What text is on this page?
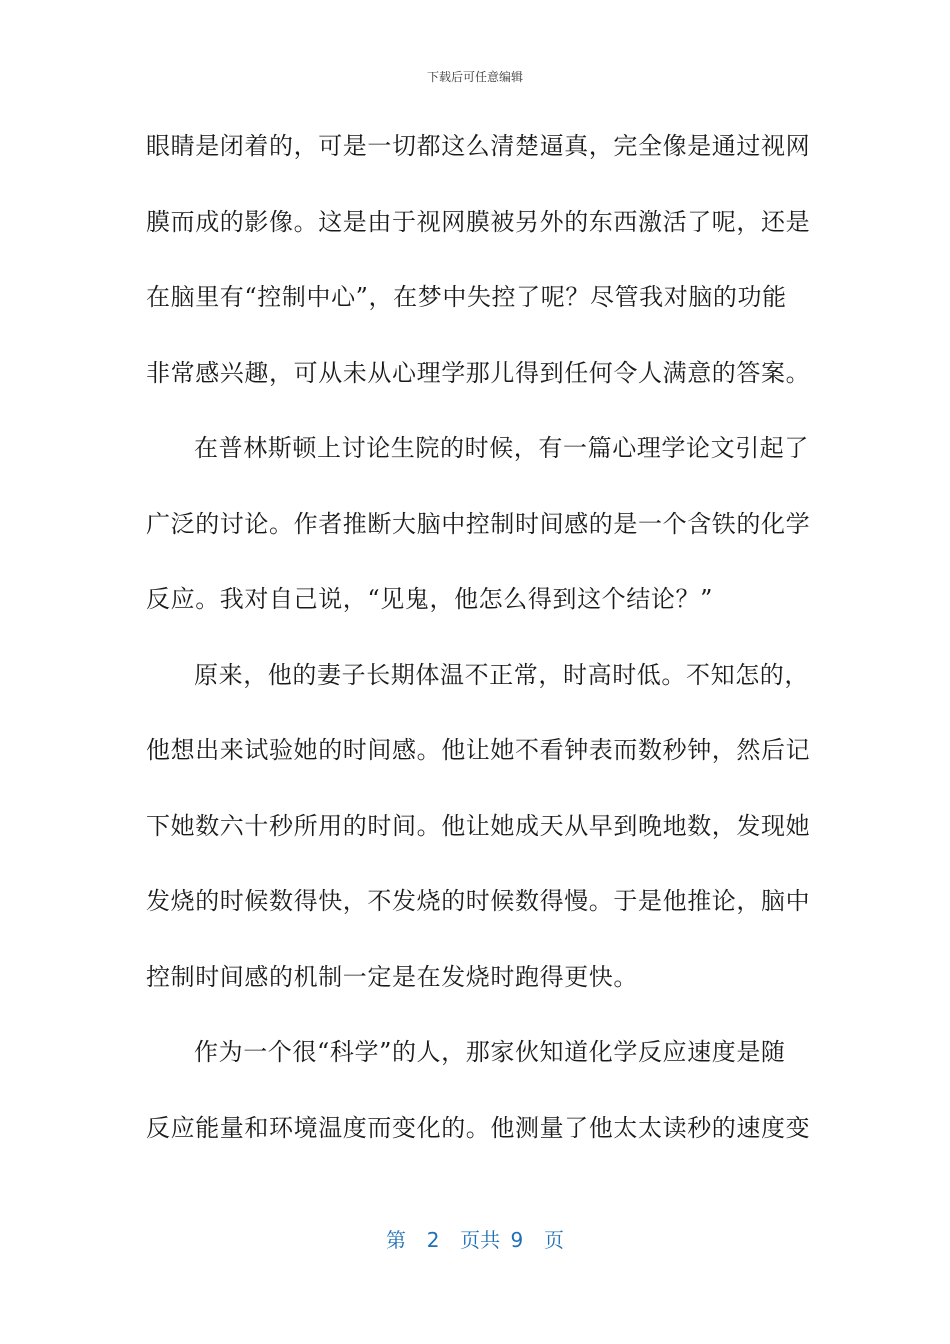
下载后可任意编辑
眼睛是闭着的，可是一切都这么清楚逼真，完全像是通过视网
膜而成的影像。这是由于视网膜被另外的东西激活了呢，还是
在脑里有“控制中心”，在梦中失控了呢？尽管我对脑的功能
非常感兴趣，可从未从心理学那儿得到任何令人满意的答案。
在普林斯顿上讨论生院的时候，有一篇心理学论文引起了
广泛的讨论。作者推断大脑中控制时间感的是一个含铁的化学
反应。我对自己说，“见鬼，他怎么得到这个结论？”
原来，他的妻子长期体温不正常，时高时低。不知怎的，
他想出来试验她的时间感。他让她不看钟表而数秒钟，然后记
下她数六十秒所用的时间。他让她成天从早到晚地数，发现她
发烧的时候数得快，不发烧的时候数得慢。于是他推论，脑中
控制时间感的机制一定是在发烧时跑得更快。
作为一个很“科学”的人，那家伙知道化学反应速度是随
反应能量和环境温度而变化的。他测量了他太太读秒的速度变
第  2  页共 9  页
